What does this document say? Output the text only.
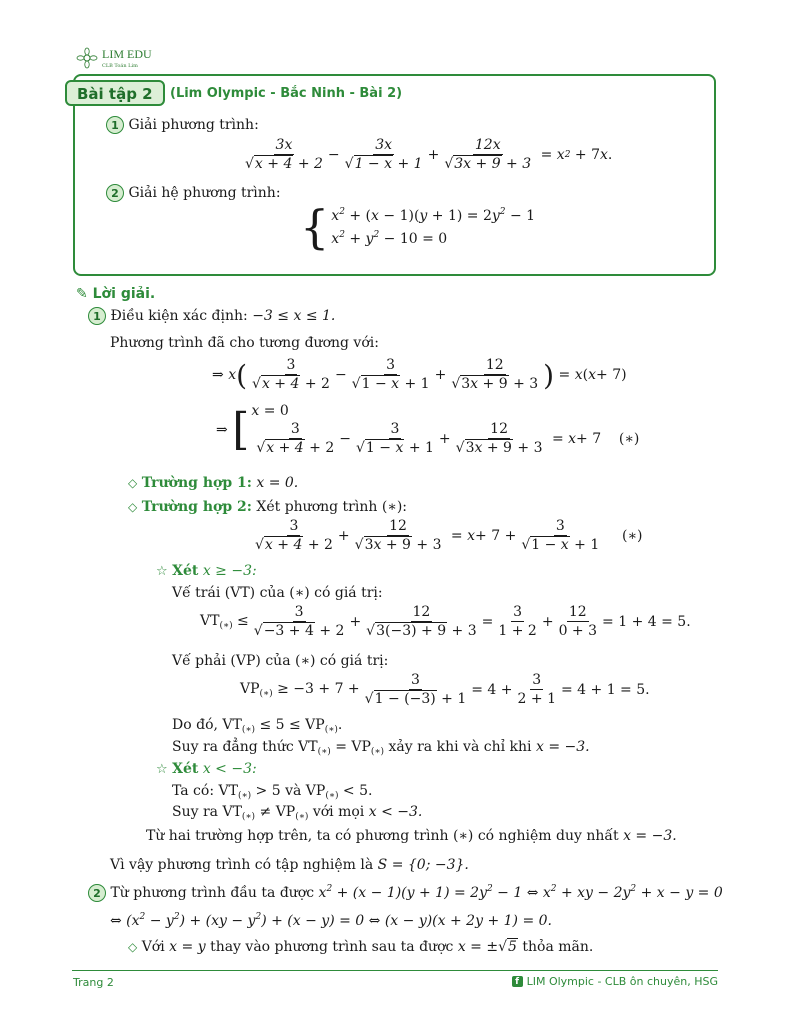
LIM EDU
CLB Toán Lim
Bài tập 2	(Lim Olympic - Bắc Ninh - Bài 2)
1 Giải phương trình:
$\frac{3x}{√x + 4 + 2} - \frac{3x}{√1 - x + 1} + \frac{12x}{√3x + 9 + 3} = x$ 2
+ 7 x .
2 Giải hệ phương trình:
{ $x^2 + (x - 1)(y + 1) = 2y^2 - 1$
$x^2 + y^2 - 10 = 0$
✎ Lời giải.
1 Điều kiện xác định: −3 ≤ x ≤ 1.
Phương trình đã cho tương đương với:
⇒ x ( $\frac{3}{√x + 4 + 2} - \frac{3}{√1 - x + 1} + \frac{12}{√3x + 9 + 3}$ ) = x ( x + 7)
⇒ [ x = 0
$\frac{3}{√x + 4 + 2} - \frac{3}{√1 - x + 1} + \frac{12}{√3x + 9 + 3} = x + 7$    (∗)
◇ Trường hợp 1: x = 0.
◇ Trường hợp 2: Xét phương trình (∗):
$\frac{3}{√x + 4 + 2} + \frac{12}{√3x + 9 + 3} = x + 7 + \frac{3}{√1 - x + 1}$ (∗)
☆ Xét x ≥ −3:
Vế trái (VT) của (∗) có giá trị:
$VT_{(∗)} \le \frac{3}{√-3 + 4 + 2} + \frac{12}{√3(-3) + 9 + 3} = \frac{3}{1 + 2} + \frac{12}{0 + 3} = 1 + 4 = 5$.
Vế phải (VP) của (∗) có giá trị:
$VP_{(∗)} \ge -3 + 7 + \frac{3}{√1 - (-3) + 1} = 4 + \frac{3}{2 + 1} = 4 + 1 = 5$.
Do đó, $VT_{(∗)} \le 5 \le VP_{(∗)}$.
Suy ra đẳng thức $VT_{(∗)} = VP_{(∗)}$ xảy ra khi và chỉ khi x = −3.
☆ Xét x < −3:
Ta có: $VT_{(∗)} > 5$ và $VP_{(∗)} < 5$.
Suy ra $VT_{(∗)} \ne VP_{(∗)}$ với mọi x < −3.
Từ hai trường hợp trên, ta có phương trình (∗) có nghiệm duy nhất x = −3.
Vì vậy phương trình có tập nghiệm là S = {0; −3}.
2 Từ phương trình đầu ta được $x^2 + (x - 1)(y + 1) = 2y^2 - 1$ ⇔ $x^2$ + xy − $2y^2 + x - y = 0$
⇔ $(x^2 - y^2) + (xy - y^2) + (x - y) = 0$ ⇔ (x − y)(x + 2y + 1) = 0.
◇ Với x = y thay vào phương trình sau ta được x = ±√5 thỏa mãn.
Trang 2	f LIM Olympic - CLB ôn chuyên, HSG
